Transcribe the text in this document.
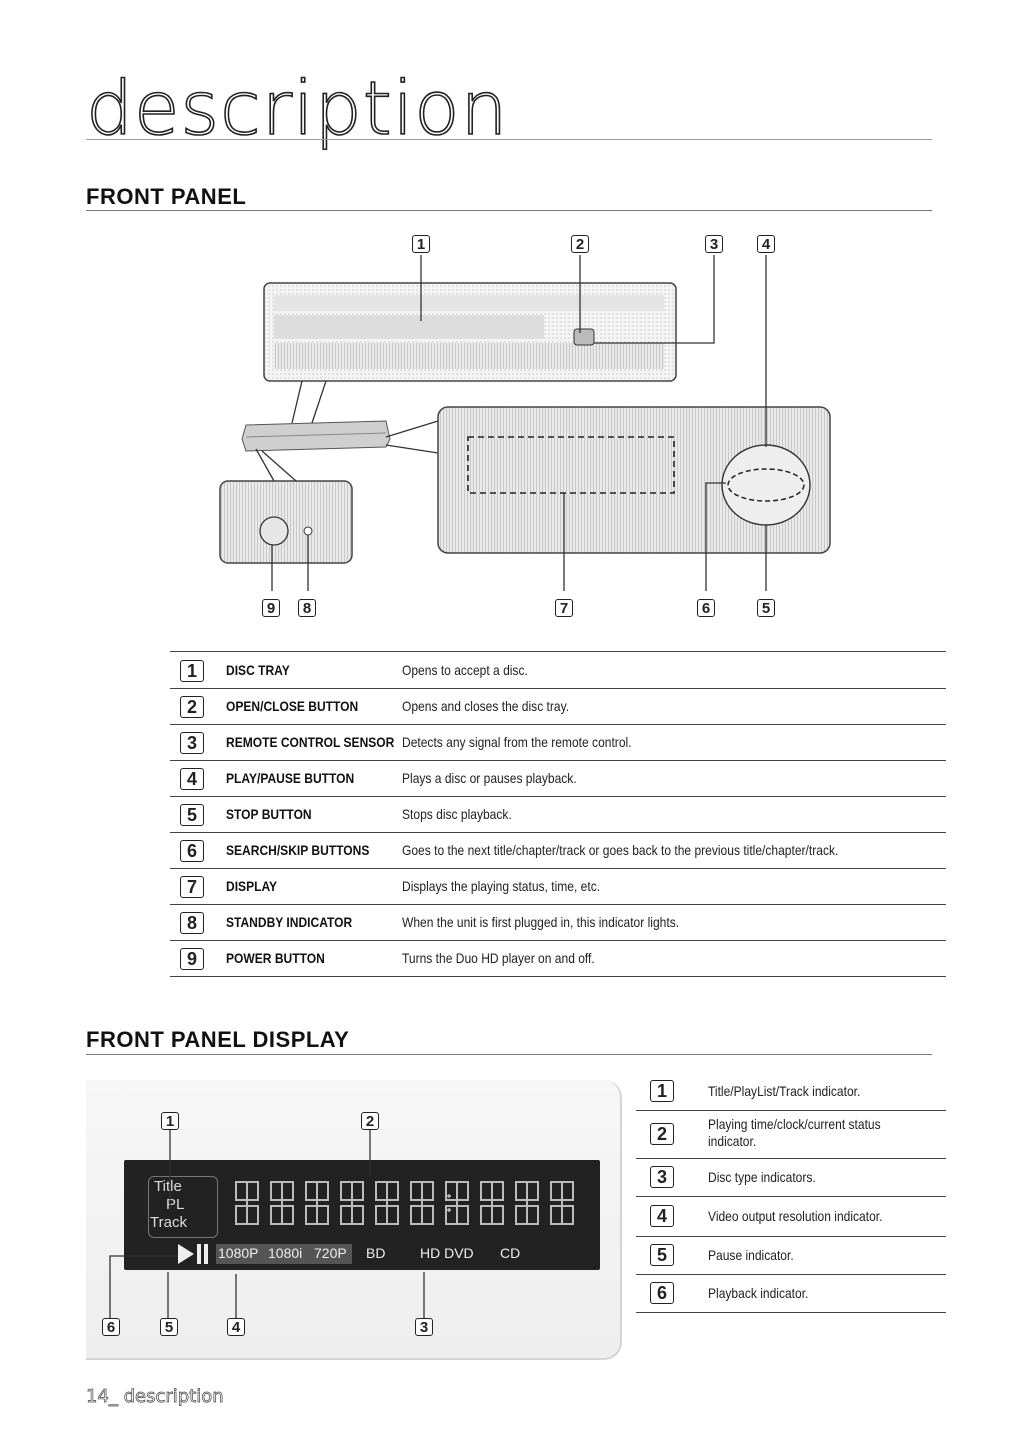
description
FRONT PANEL
1	2	3	4
9	8	7	6	5
1	DISC TRAY	Opens to accept a disc.
2	OPEN/CLOSE BUTTON	Opens and closes the disc tray.
3	REMOTE CONTROL SENSOR Detects any signal from the remote control.
4	PLAY/PAUSE BUTTON	Plays a disc or pauses playback.
5	STOP BUTTON	Stops disc playback.
6	SEARCH/SKIP BUTTONS Goes to the next title/chapter/track or goes back to the previous title/chapter/track.
7	DISPLAY	Displays the playing status, time, etc.
8	STANDBY INDICATOR	When the unit is first plugged in, this indicator lights.
9	POWER BUTTON	Turns the Duo HD player on and off.
FRONT PANEL DISPLAY
Title
PL
Track
1080P 1080i 720P BD HD DVD CD
1	2
6	5	4	3
1	Title/PlayList/Track indicator.
2	Playing time/clock/current status indicator.
3	Disc type indicators.
4	Video output resolution indicator.
5	Pause indicator.
6	Playback indicator.
14_ description
